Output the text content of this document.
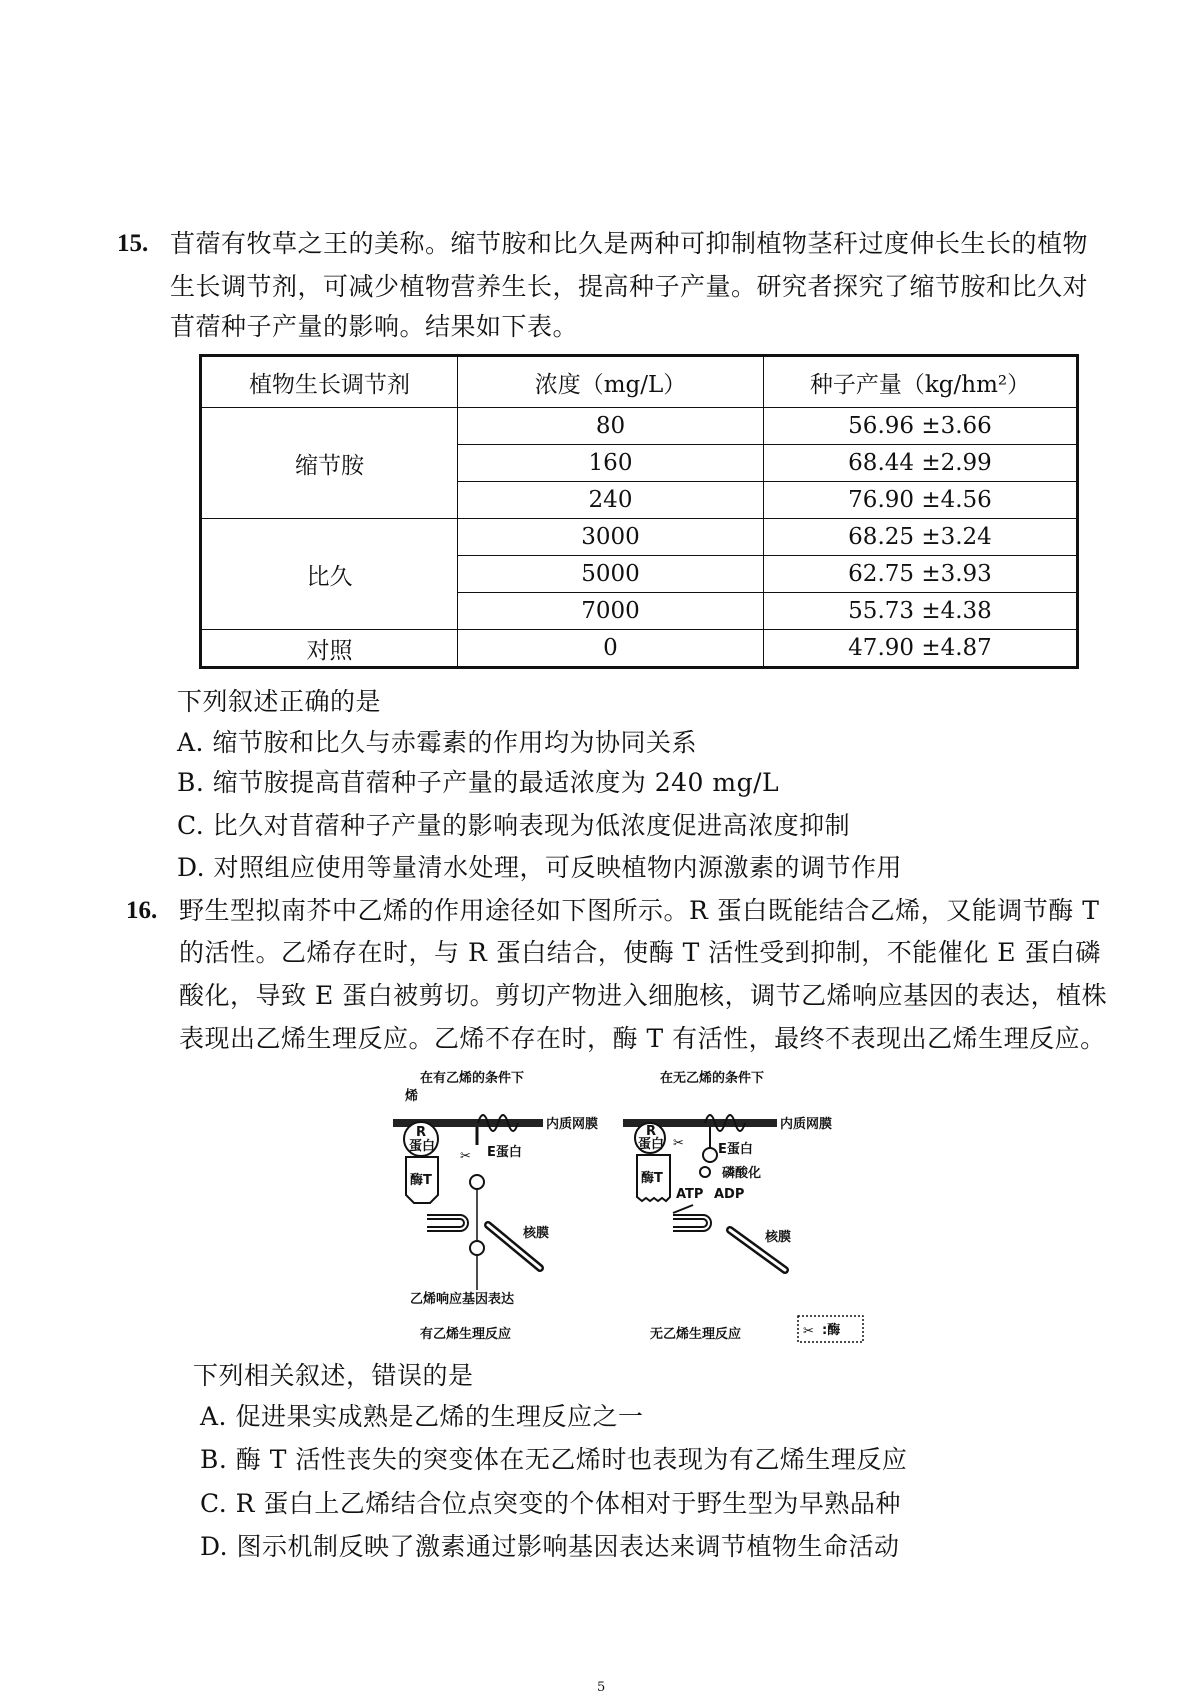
15. 苜蓿有牧草之王的美称。缩节胺和比久是两种可抑制植物茎秆过度伸长生长的植物
生长调节剂，可减少植物营养生长，提高种子产量。研究者探究了缩节胺和比久对
苜蓿种子产量的影响。结果如下表。
植物生长调节剂	浓度（mg/L）	种子产量（kg/hm²）
缩节胺	80	56.96 ±3.66
	160	68.44 ±2.99
	240	76.90 ±4.56
比久	3000	68.25 ±3.24
	5000	62.75 ±3.93
	7000	55.73 ±4.38
对照	0	47.90 ±4.87
下列叙述正确的是
A. 缩节胺和比久与赤霉素的作用均为协同关系
B. 缩节胺提高苜蓿种子产量的最适浓度为 240 mg/L
C. 比久对苜蓿种子产量的影响表现为低浓度促进高浓度抑制
D. 对照组应使用等量清水处理，可反映植物内源激素的调节作用
16. 野生型拟南芥中乙烯的作用途径如下图所示。R 蛋白既能结合乙烯，又能调节酶 T
的活性。乙烯存在时，与 R 蛋白结合，使酶 T 活性受到抑制，不能催化 E 蛋白磷
酸化，导致 E 蛋白被剪切。剪切产物进入细胞核，调节乙烯响应基因的表达，植株
表现出乙烯生理反应。乙烯不存在时，酶 T 有活性，最终不表现出乙烯生理反应。
在有乙烯的条件下
烯
内质网膜
R
蛋白
酶T
✂ E蛋白
核膜
乙烯响应基因表达
有乙烯生理反应
在无乙烯的条件下
内质网膜
R
蛋白
酶T
✂	E蛋白
磷酸化
ATP ADP
核膜
无乙烯生理反应	✂ :酶
下列相关叙述，错误的是
A. 促进果实成熟是乙烯的生理反应之一
B. 酶 T 活性丧失的突变体在无乙烯时也表现为有乙烯生理反应
C. R 蛋白上乙烯结合位点突变的个体相对于野生型为早熟品种
D. 图示机制反映了激素通过影响基因表达来调节植物生命活动
5
